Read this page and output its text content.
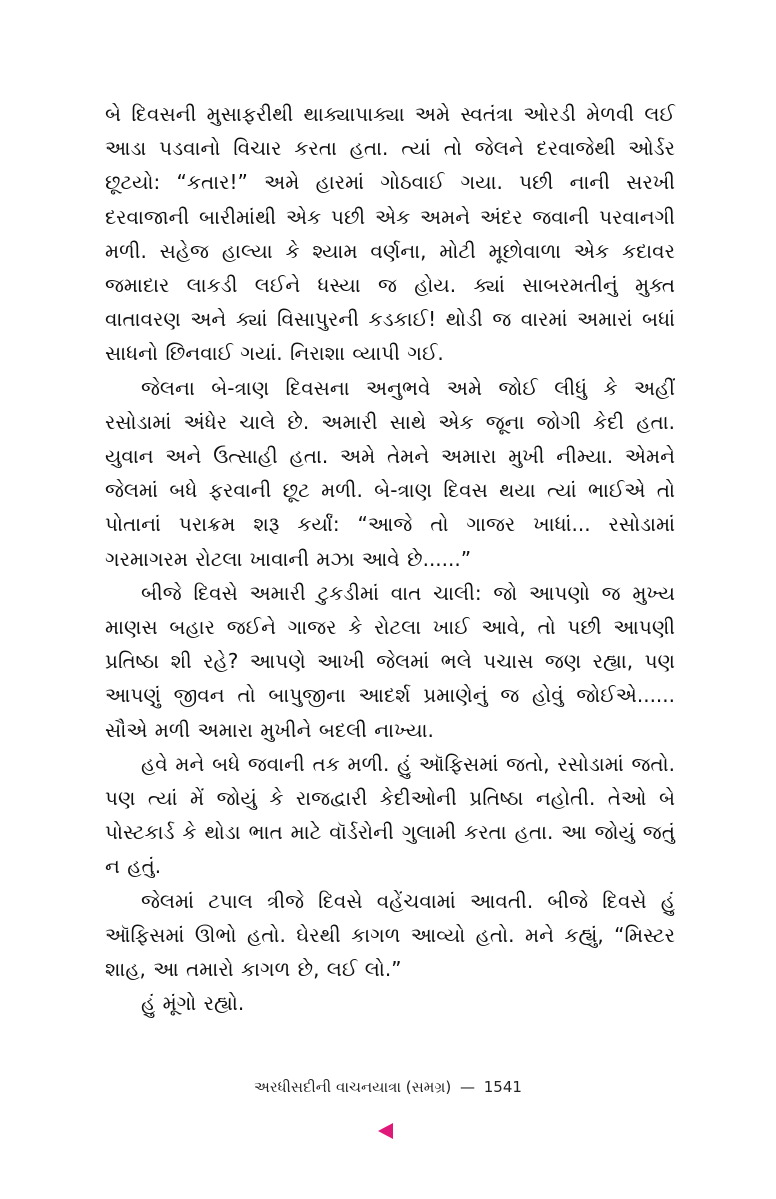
બે દિવસની મુસાફરીથી થાક્યાપાક્યા અમે સ્વતંત્રા ઓરડી મેળવી લઈ આડા પડવાનો વિચાર કરતા હતા. ત્યાં તો જેલને દરવાજેથી ઓર્ડર છૂટયો: “કતાર!” અમે હારમાં ગોઠવાઈ ગયા. પછી નાની સરખી દરવાજાની બારીમાંથી એક પછી એક અમને અંદર જવાની પરવાનગી મળી. સહેજ હાલ્યા કે શ્યામ વર્ણના, મોટી મૂછોવાળા એક કદાવર જમાદાર લાકડી લઈને ધસ્યા જ હોય. ક્યાં સાબરમતીનું મુક્ત વાતાવરણ અને ક્યાં વિસાપુરની કડકાઈ! થોડી જ વારમાં અમારાં બધાં સાધનો છિનવાઈ ગયાં. નિરાશા વ્યાપી ગઈ.

જેલના બે-ત્રાણ દિવસના અનુભવે અમે જોઈ લીધું કે અહીં રસોડામાં અંધેર ચાલે છે. અમારી સાથે એક જૂના જોગી કેદી હતા. યુવાન અને ઉત્સાહી હતા. અમે તેમને અમારા મુખી નીમ્યા. એમને જેલમાં બધે ફરવાની છૂટ મળી. બે-ત્રાણ દિવસ થયા ત્યાં ભાઈએ તો પોતાનાં પરાક્રમ શરૂ કર્યાં: “આજે તો ગાજર ખાધાં... રસોડામાં ગરમાગરમ રોટલા ખાવાની મઝા આવે છે......”

બીજે દિવસે અમારી ટુકડીમાં વાત ચાલી: જો આપણો જ મુખ્ય માણસ બહાર જઈને ગાજર કે રોટલા ખાઈ આવે, તો પછી આપણી પ્રતિષ્ઠા શી રહે? આપણે આખી જેલમાં ભલે પચાસ જણ રહ્યા, પણ આપણું જીવન તો બાપુજીના આદર્શ પ્રમાણેનું જ હોવું જોઈએ...... સૌએ મળી અમારા મુખીને બદલી નાખ્યા.

હવે મને બધે જવાની તક મળી. હું ઑફિસમાં જતો, રસોડામાં જતો. પણ ત્યાં મેં જોયું કે રાજદ્વારી કેદીઓની પ્રતિષ્ઠા નહોતી. તેઓ બે પોસ્ટકાર્ડ કે થોડા ભાત માટે વૉર્ડરોની ગુલામી કરતા હતા. આ જોયું જતું ન હતું.

જેલમાં ટપાલ ત્રીજે દિવસે વહેંચવામાં આવતી. બીજે દિવસે હું ઑફિસમાં ઊભો હતો. ઘેરથી કાગળ આવ્યો હતો. મને કહ્યું, “મિસ્ટર શાહ, આ તમારો કાગળ છે, લઈ લો.”

હું મૂંગો રહ્યો.

અરધીસદીની વાચનયાત્રા (સમગ્ર) — 1541
